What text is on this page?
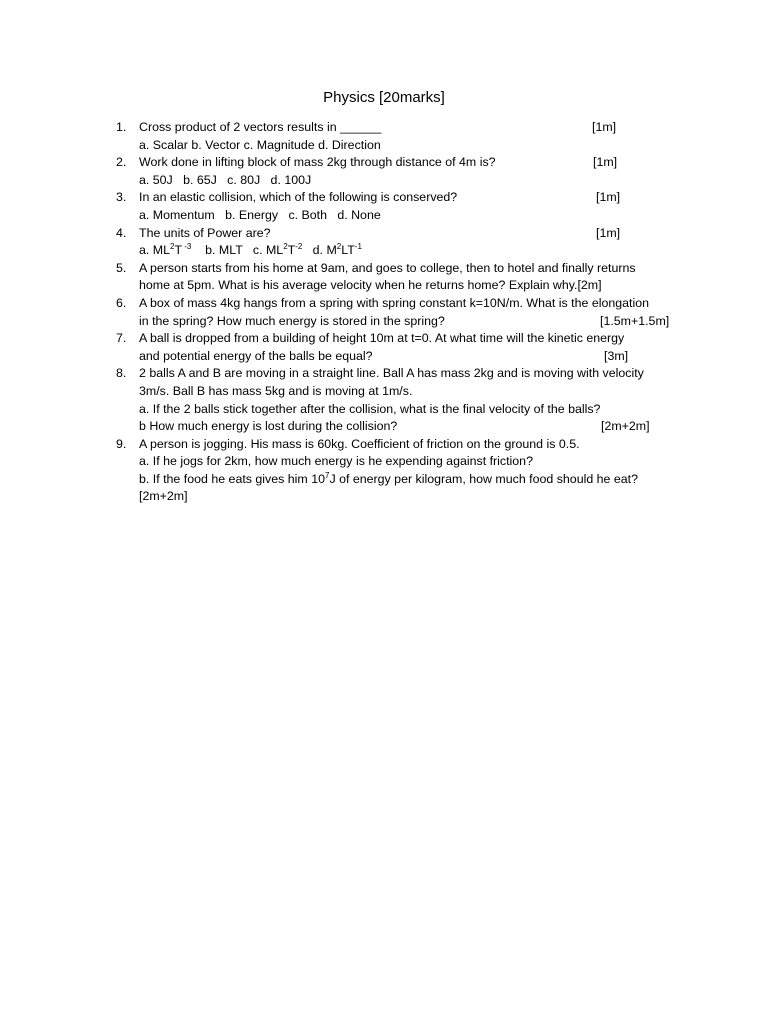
Physics [20marks]
1. Cross product of 2 vectors results in ______	[1m]
a. Scalar b. Vector c. Magnitude d. Direction
2. Work done in lifting block of mass 2kg through distance of 4m is?	[1m]
a. 50J   b. 65J   c. 80J   d. 100J
3. In an elastic collision, which of the following is conserved?	[1m]
a. Momentum   b. Energy   c. Both   d. None
4. The units of Power are?	[1m]
a. $ML^2T$ $^{-3}$    b. MLT   c. $ML^2T^{-2}$   d. $M^2LT^{-1}$
5. A person starts from his home at 9am, and goes to college, then to hotel and finally returns
home at 5pm. What is his average velocity when he returns home? Explain why.[2m]
6. A box of mass 4kg hangs from a spring with spring constant k=10N/m. What is the elongation
in the spring? How much energy is stored in the spring?	[1.5m+1.5m]
7. A ball is dropped from a building of height 10m at t=0. At what time will the kinetic energy
and potential energy of the balls be equal?	[3m]
8. 2 balls A and B are moving in a straight line. Ball A has mass 2kg and is moving with velocity
3m/s. Ball B has mass 5kg and is moving at 1m/s.
a. If the 2 balls stick together after the collision, what is the final velocity of the balls?
b How much energy is lost during the collision?	[2m+2m]
9. A person is jogging. His mass is 60kg. Coefficient of friction on the ground is 0.5.
a. If he jogs for 2km, how much energy is he expending against friction?
b. If the food he eats gives him $10^7J$ of energy per kilogram, how much food should he eat?
[2m+2m]
